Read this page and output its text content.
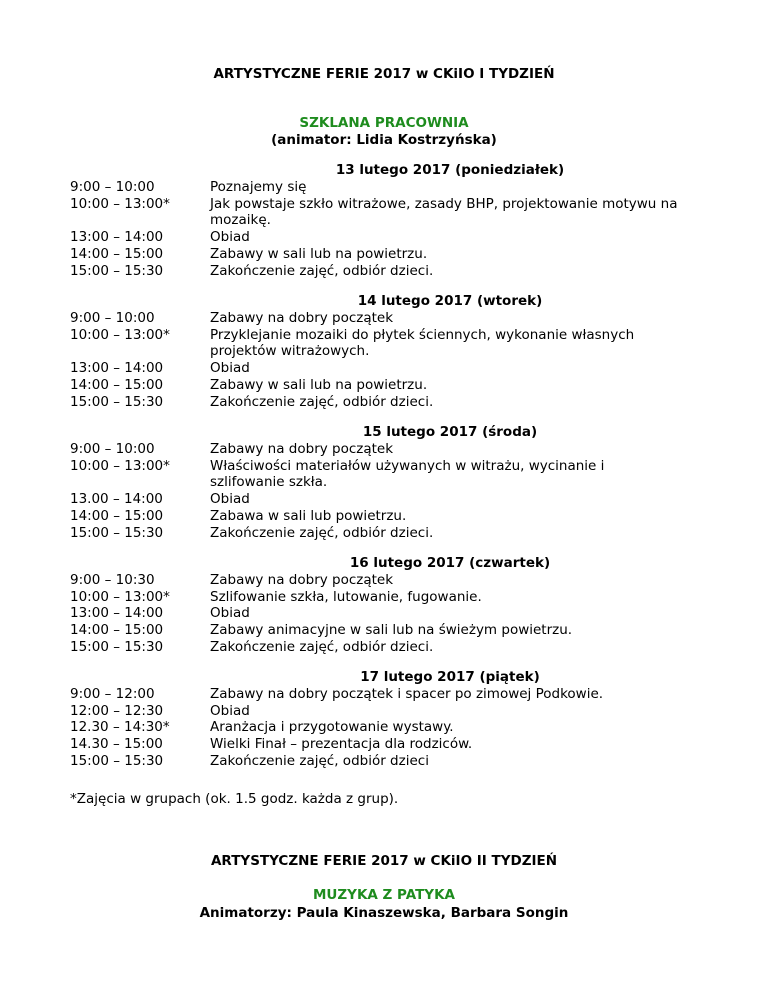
ARTYSTYCZNE FERIE 2017 w CKiIO I TYDZIEŃ
SZKLANA PRACOWNIA
(animator: Lidia Kostrzyńska)
13 lutego 2017 (poniedziałek)
9:00 – 10:00	Poznajemy się
10:00 – 13:00*	Jak powstaje szkło witrażowe, zasady BHP, projektowanie motywu na mozaikę.
13:00 – 14:00	Obiad
14:00 – 15:00	Zabawy w sali lub na powietrzu.
15:00 – 15:30	Zakończenie zajęć, odbiór dzieci.
14 lutego 2017 (wtorek)
9:00 – 10:00	Zabawy na dobry początek
10:00 – 13:00*	Przyklejanie mozaiki do płytek ściennych, wykonanie własnych projektów witrażowych.
13:00 – 14:00	Obiad
14:00 – 15:00	Zabawy w sali lub na powietrzu.
15:00 – 15:30	Zakończenie zajęć, odbiór dzieci.
15 lutego 2017 (środa)
9:00 – 10:00	Zabawy na dobry początek
10:00 – 13:00*	Właściwości materiałów używanych w witrażu, wycinanie i szlifowanie szkła.
13.00 – 14:00	Obiad
14:00 – 15:00	Zabawa w sali lub powietrzu.
15:00 – 15:30	Zakończenie zajęć, odbiór dzieci.
16 lutego 2017 (czwartek)
9:00 – 10:30	Zabawy na dobry początek
10:00 – 13:00*	Szlifowanie szkła, lutowanie, fugowanie.
13:00 – 14:00	Obiad
14:00 – 15:00	Zabawy animacyjne w sali lub na świeżym powietrzu.
15:00 – 15:30	Zakończenie zajęć, odbiór dzieci.
17 lutego 2017 (piątek)
9:00 – 12:00	Zabawy na dobry początek i spacer po zimowej Podkowie.
12:00 – 12:30	Obiad
12.30 – 14:30*	Aranżacja i przygotowanie wystawy.
14.30 – 15:00	Wielki Finał – prezentacja dla rodziców.
15:00 – 15:30	Zakończenie zajęć, odbiór dzieci
*Zajęcia w grupach (ok. 1.5 godz. każda z grup).
ARTYSTYCZNE FERIE 2017 w CKiIO II TYDZIEŃ
MUZYKA Z PATYKA
Animatorzy: Paula Kinaszewska, Barbara Songin
